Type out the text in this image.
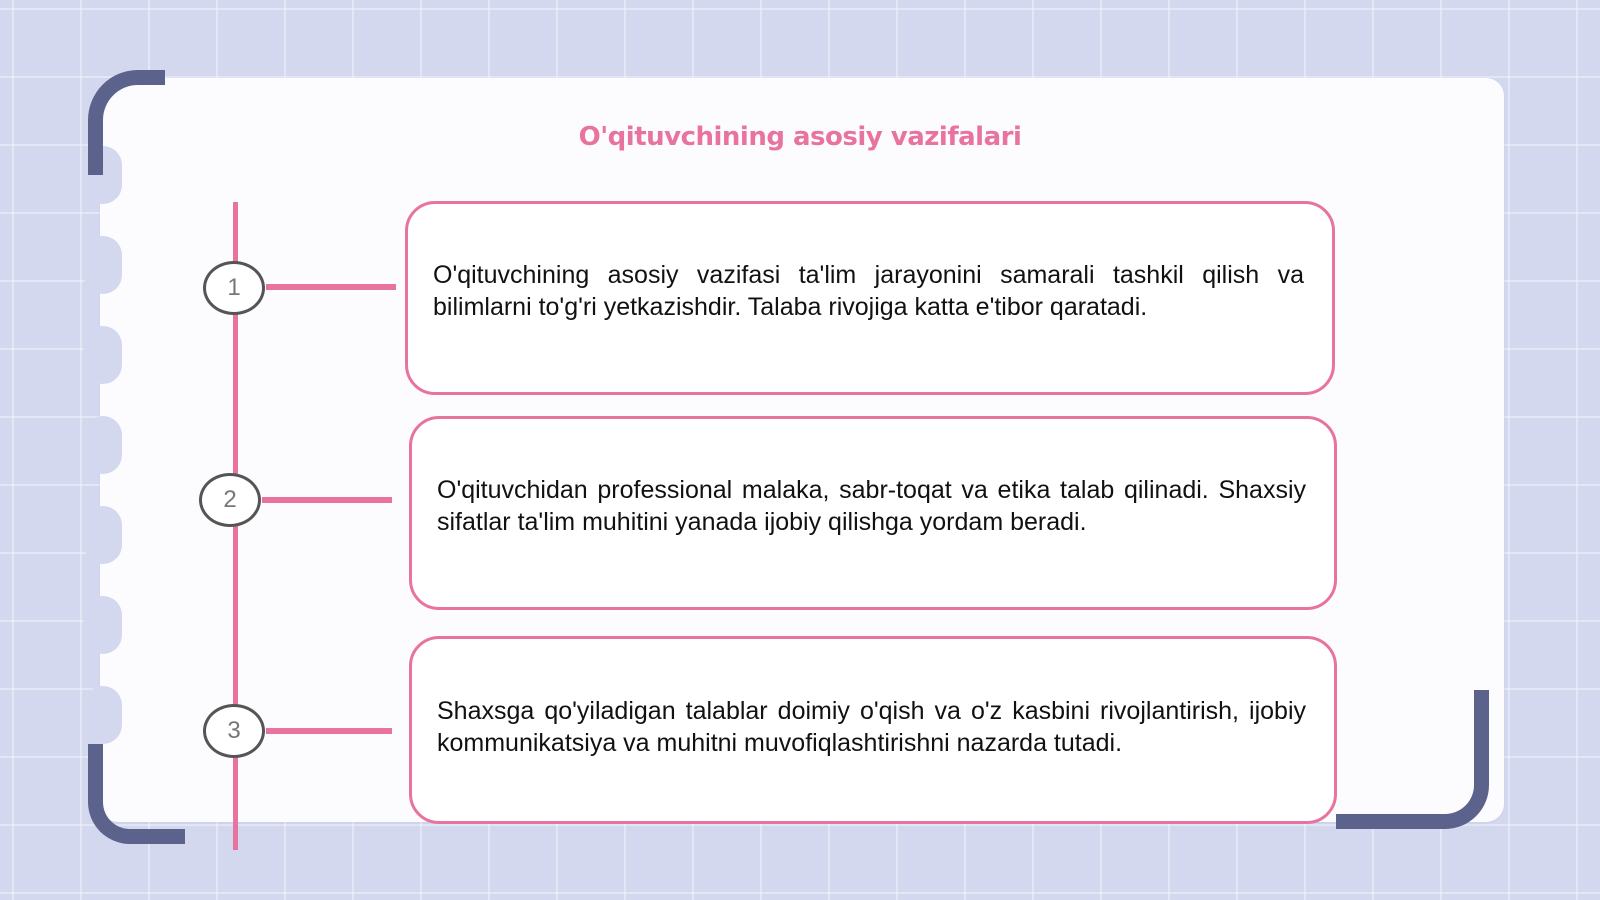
O'qituvchining asosiy vazifalari
1
2
3

O'qituvchining asosiy vazifasi ta'lim jarayonini samarali tashkil qilish va bilimlarni to'g'ri yetkazishdir. Talaba rivojiga katta e'tibor qaratadi.

O'qituvchidan professional malaka, sabr-toqat va etika talab qilinadi. Shaxsiy sifatlar ta'lim muhitini yanada ijobiy qilishga yordam beradi.

Shaxsga qo'yiladigan talablar doimiy o'qish va o'z kasbini rivojlantirish, ijobiy kommunikatsiya va muhitni muvofiqlashtirishni nazarda tutadi.
